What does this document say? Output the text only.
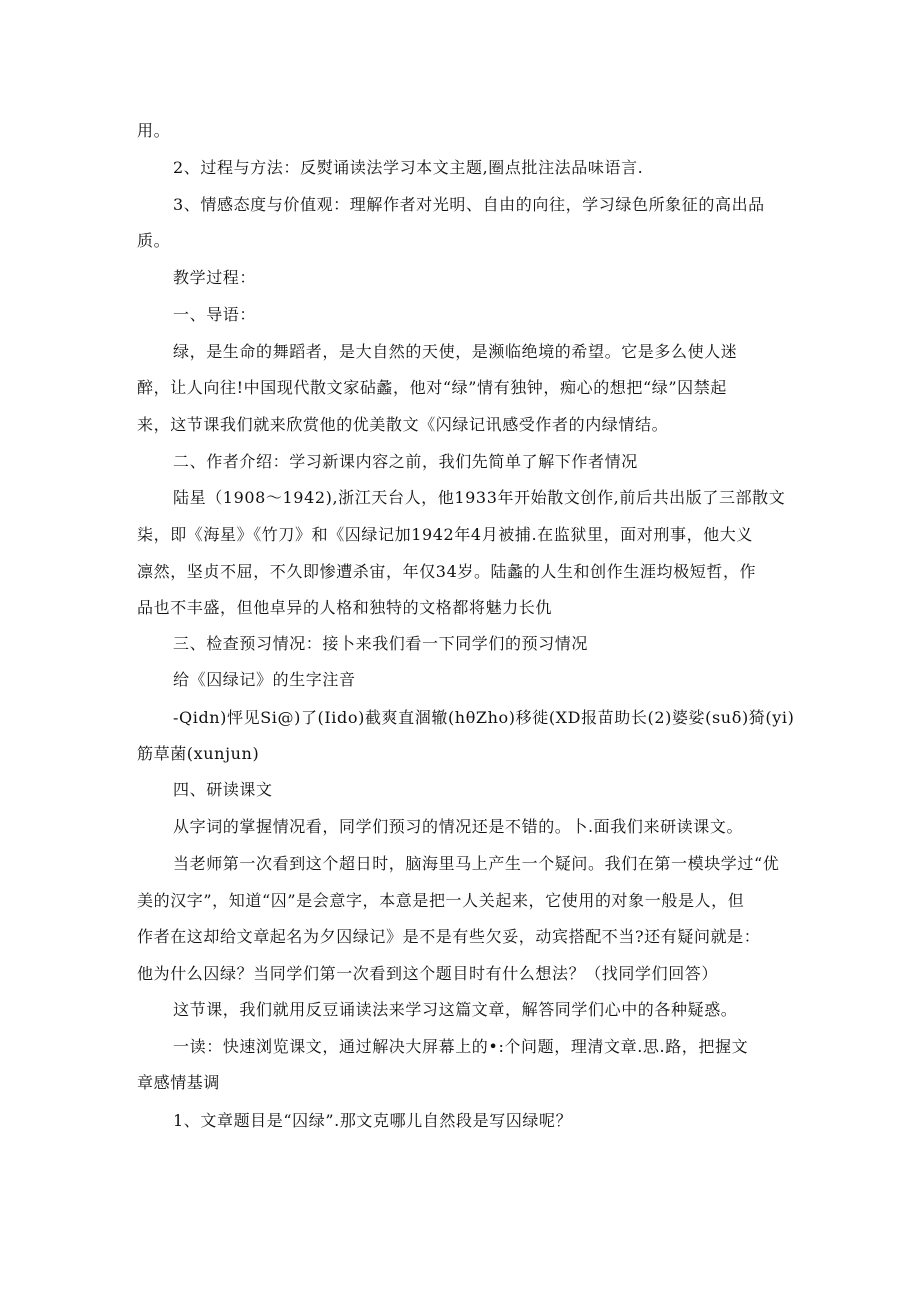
用。
2、过程与方法：反熨诵读法学习本文主题,圈点批注法品味语言.
3、情感态度与价值观：理解作者对光明、自由的向往，学习绿色所象征的高出品
质。
教学过程：
一、导语：
绿，是生命的舞蹈者，是大自然的天使，是濒临绝境的希望。它是多么使人迷
醉，让人向往!中国现代散文家砧蠡，他对“绿”情有独钟，痴心的想把“绿”囚禁起
来，这节课我们就来欣赏他的优美散文《闪绿记讯感受作者的内绿情结。
二、作者介绍：学习新课内容之前，我们先简单了解下作者情况
陆星（1908〜1942),浙江天台人，他1933年开始散文创作,前后共出版了三部散文
柒，即《海星》《竹刀》和《囚绿记加1942年4月被捕.在监狱里，面对刑事，他大义
凛然，坚贞不屈，不久即惨遭杀宙，年仅34岁。陆蠡的人生和创作生涯均极短哲，作
品也不丰盛，但他卓异的人格和独特的文格都将魅力长仇
三、检查预习情况：接卜来我们看一下同学们的预习情况
给《囚绿记》的生字注音
-Qidn)怦见Si@)了(Iido)截爽直涸辙(hθZho)移徙(XD报苗助长(2)婆娑(suδ)猗(yi)
筋草菌(xunjun)
四、研读课文
从字词的掌握情况看，同学们预习的情况还是不错的。卜.面我们来研读课文。
当老师第一次看到这个超日时，脑海里马上产生一个疑问。我们在第一模块学过“优
美的汉字”，知道“囚”是会意字，本意是把一人关起来，它使用的对象一般是人，但
作者在这却给文章起名为夕囚绿记》是不是有些欠妥，动宾搭配不当?还有疑问就是：
他为什么囚绿？当同学们第一次看到这个题目时有什么想法？（找同学们回答）
这节课，我们就用反豆诵读法来学习这篇文章，解答同学们心中的各种疑惑。
一读：快速浏览课文，通过解决大屏幕上的•:个问题，理清文章.思.路，把握文
章感情基调
1、文章题目是“囚绿”.那文克哪儿自然段是写囚绿呢？
